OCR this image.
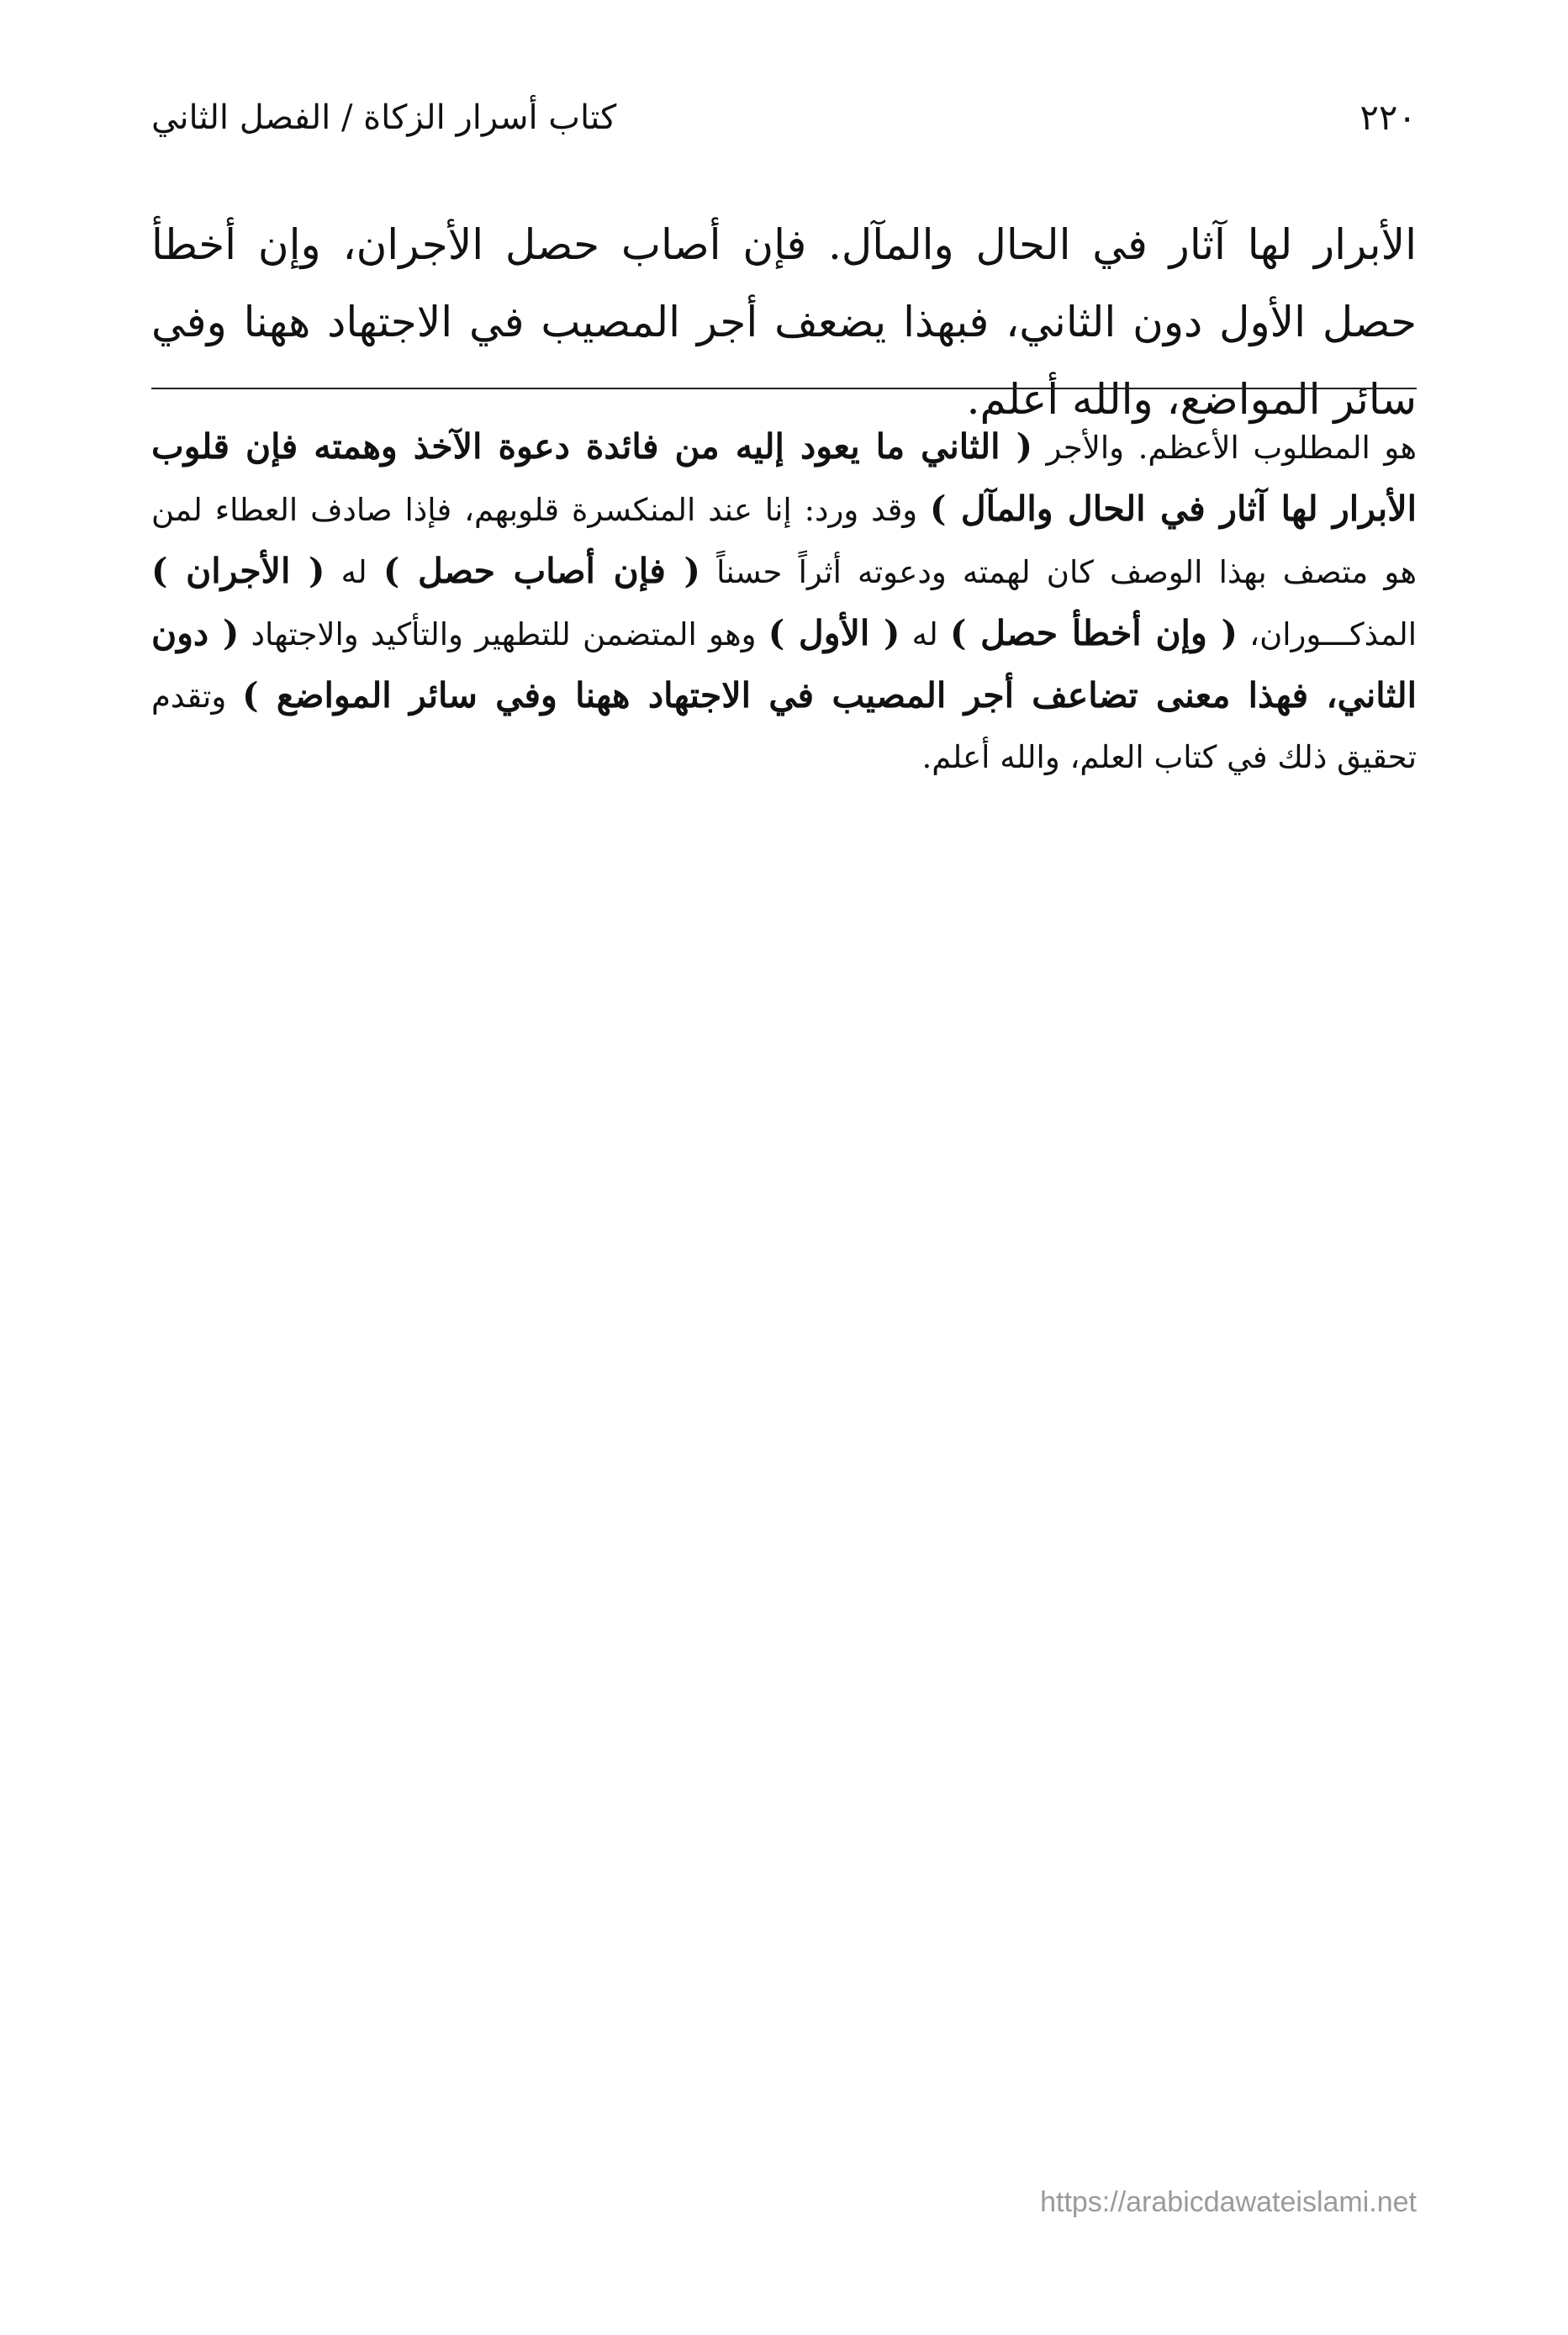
٢٢٠
كتاب أسرار الزكاة / الفصل الثاني
الأبرار لها آثار في الحال والمآل. فإن أصاب حصل الأجران، وإن أخطأ حصل الأول دون الثاني، فبهذا يضعف أجر المصيب في الاجتهاد ههنا وفي سائر المواضع، والله أعلم.
هو المطلوب الأعظم. والأجر ( الثاني ما يعود إليه من فائدة دعوة الآخذ وهمته فإن قلوب الأبرار لها آثار في الحال والمآل ) وقد ورد: إنا عند المنكسرة قلوبهم، فإذا صادف العطاء لمن هو متصف بهذا الوصف كان لهمته ودعوته أثراً حسناً ( فإن أصاب حصل ) له ( الأجران ) المذكـــوران، ( وإن أخطأ حصل ) له ( الأول ) وهو المتضمن للتطهير والتأكيد والاجتهاد ( دون الثاني، فهذا معنى تضاعف أجر المصيب في الاجتهاد ههنا وفي سائر المواضع ) وتقدم تحقيق ذلك في كتاب العلم، والله أعلم.
https://arabicdawateislami.net
